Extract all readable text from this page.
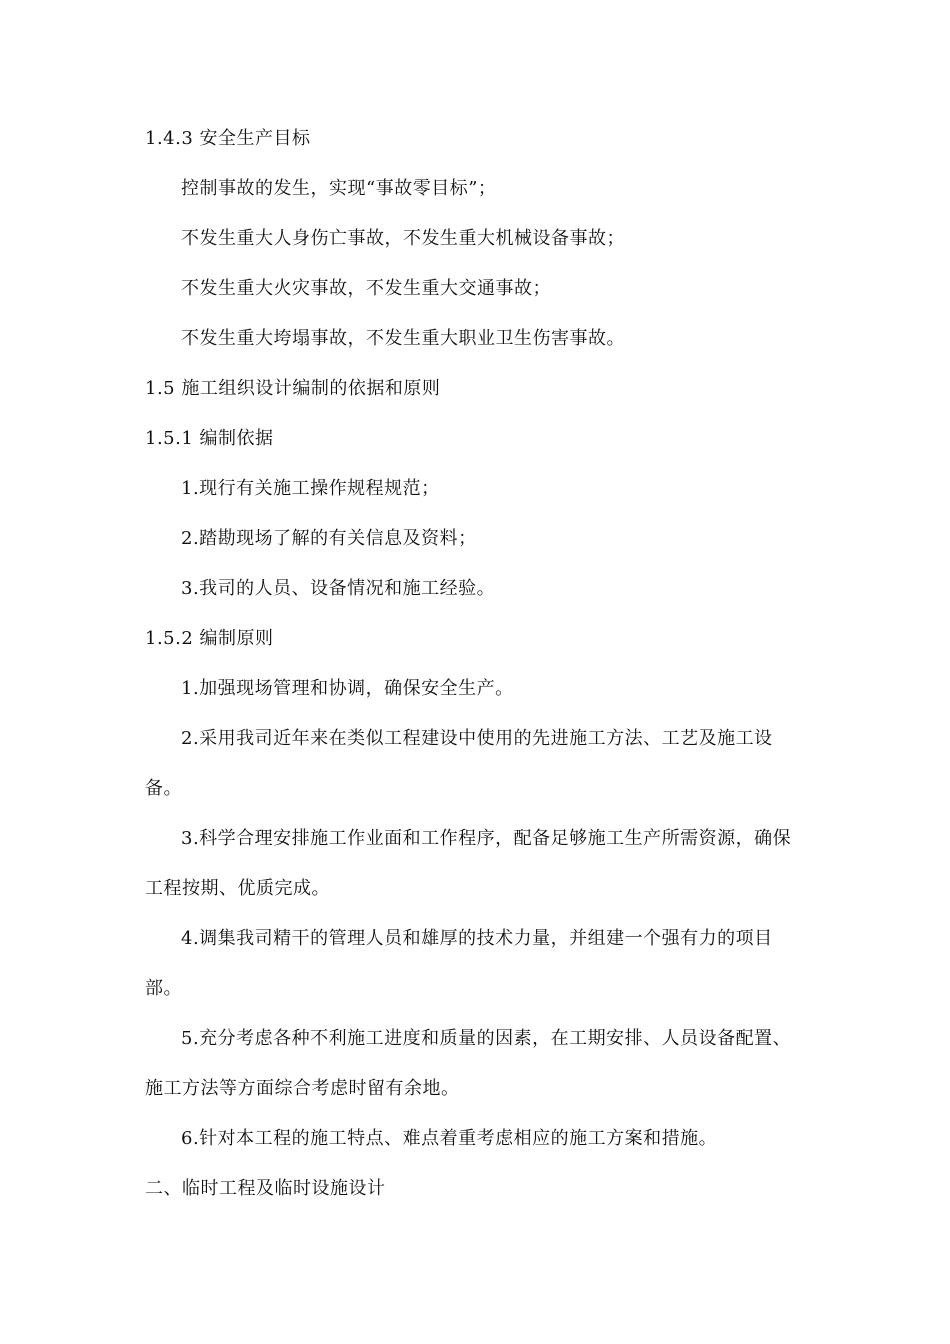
1.4.3 安全生产目标
控制事故的发生，实现“事故零目标”；
不发生重大人身伤亡事故，不发生重大机械设备事故；
不发生重大火灾事故，不发生重大交通事故；
不发生重大垮塌事故，不发生重大职业卫生伤害事故。
1.5 施工组织设计编制的依据和原则
1.5.1 编制依据
1.现行有关施工操作规程规范；
2.踏勘现场了解的有关信息及资料；
3.我司的人员、设备情况和施工经验。
1.5.2 编制原则
1.加强现场管理和协调，确保安全生产。
2.采用我司近年来在类似工程建设中使用的先进施工方法、工艺及施工设
备。
3.科学合理安排施工作业面和工作程序，配备足够施工生产所需资源，确保
工程按期、优质完成。
4.调集我司精干的管理人员和雄厚的技术力量，并组建一个强有力的项目
部。
5.充分考虑各种不利施工进度和质量的因素，在工期安排、人员设备配置、
施工方法等方面综合考虑时留有余地。
6.针对本工程的施工特点、难点着重考虑相应的施工方案和措施。
二、临时工程及临时设施设计
